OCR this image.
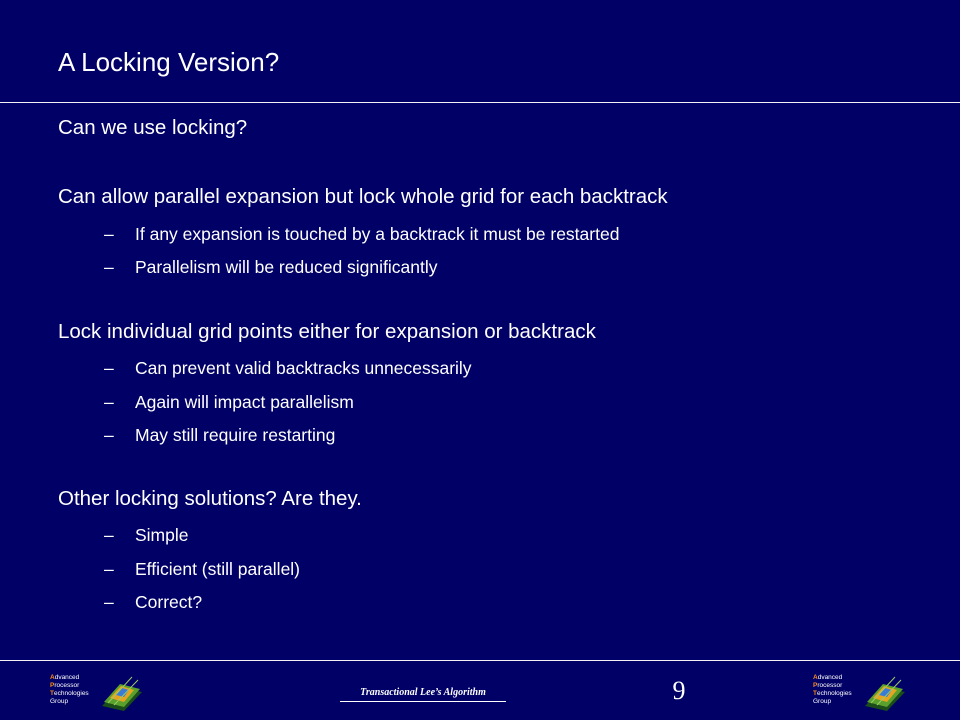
A Locking Version?
Can we use locking?
Can allow parallel expansion but lock whole grid for each backtrack
– If any expansion is touched by a backtrack it must be restarted
– Parallelism will be reduced significantly
Lock individual grid points either for expansion or backtrack
– Can prevent valid backtracks unnecessarily
– Again will impact parallelism
– May still require restarting
Other locking solutions? Are they.
– Simple
– Efficient (still parallel)
– Correct?
Advanced
Processor
Technologies
Group
Transactional Lee’s Algorithm	9	Advanced
Processor
Technologies
Group
